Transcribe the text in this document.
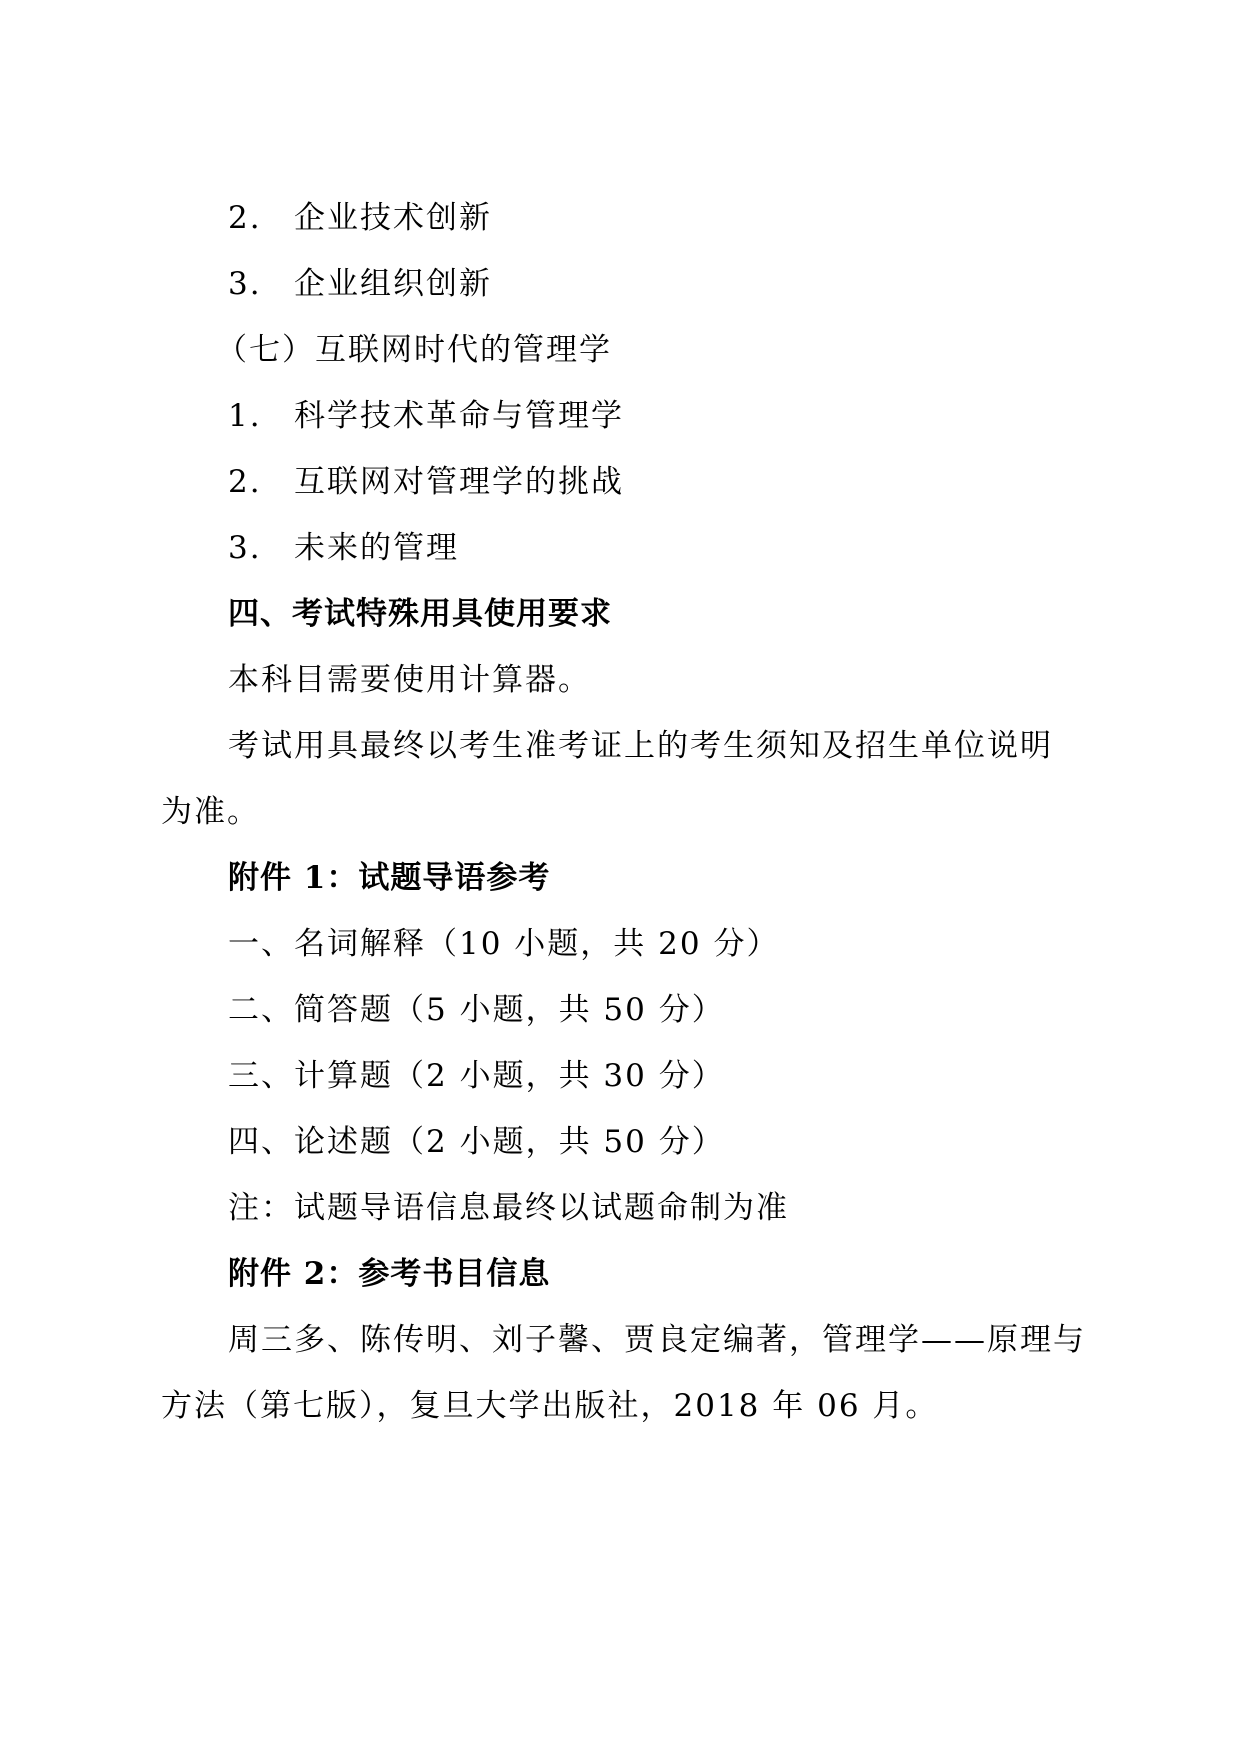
2. 企业技术创新
3. 企业组织创新
（七）互联网时代的管理学
1. 科学技术革命与管理学
2. 互联网对管理学的挑战
3. 未来的管理
四、考试特殊用具使用要求
本科目需要使用计算器。
考试用具最终以考生准考证上的考生须知及招生单位说明
为准。
附件 1：试题导语参考
一、名词解释（10 小题，共 20 分）
二、简答题（5 小题，共 50 分）
三、计算题（2 小题，共 30 分）
四、论述题（2 小题，共 50 分）
注：试题导语信息最终以试题命制为准
附件 2：参考书目信息
周三多、陈传明、刘子馨、贾良定编著，管理学——原理与
方法（第七版），复旦大学出版社，2018 年 06 月。
